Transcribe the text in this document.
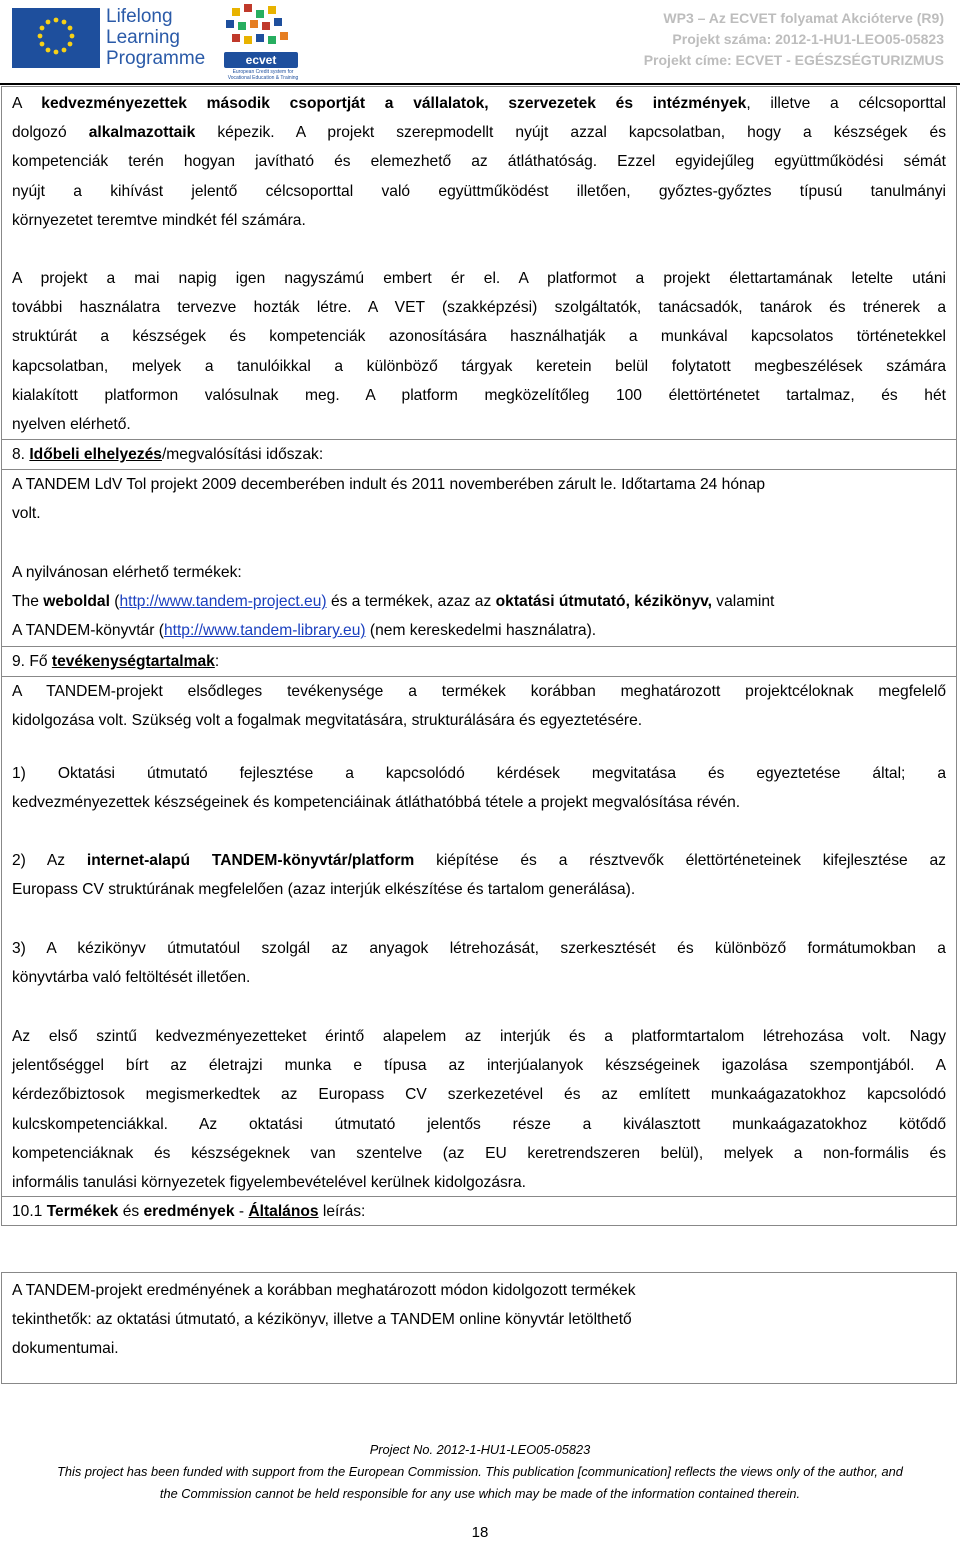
Lifelong
Learning
Programme	ecvet
European Credit system for
Vocational Education & Training
WP3 – Az ECVET folyamat Akcióterve (R9)
Projekt száma: 2012-1-HU1-LEO05-05823
Projekt címe: ECVET - EGÉSZSÉGTURIZMUS
A kedvezményezettek második csoportját a vállalatok, szervezetek és intézmények, illetve a célcsoporttal
dolgozó alkalmazottaik képezik. A projekt szerepmodellt nyújt azzal kapcsolatban, hogy a készségek és
kompetenciák terén hogyan javítható és elemezhető az átláthatóság. Ezzel egyidejűleg együttműködési sémát
nyújt a kihívást jelentő célcsoporttal való együttműködést illetően, győztes-győztes típusú tanulmányi
környezetet teremtve mindkét fél számára.
A projekt a mai napig igen nagyszámú embert ér el. A platformot a projekt élettartamának letelte utáni
további használatra tervezve hozták létre. A VET (szakképzési) szolgáltatók, tanácsadók, tanárok és trénerek a
struktúrát a készségek és kompetenciák azonosítására használhatják a munkával kapcsolatos történetekkel
kapcsolatban, melyek a tanulóikkal a különböző tárgyak keretein belül folytatott megbeszélések számára
kialakított platformon valósulnak meg. A platform megközelítőleg 100 élettörténetet tartalmaz, és hét
nyelven elérhető.
8. Időbeli elhelyezés/megvalósítási időszak:
A TANDEM LdV Tol projekt 2009 decemberében indult és 2011 novemberében zárult le. Időtartama 24 hónap
volt.
A nyilvánosan elérhető termékek:
The weboldal (http://www.tandem-project.eu) és a termékek, azaz az oktatási útmutató, kézikönyv, valamint
A TANDEM-könyvtár (http://www.tandem-library.eu) (nem kereskedelmi használatra).
9. Fő tevékenységtartalmak:
A TANDEM-projekt elsődleges tevékenysége a termékek korábban meghatározott projektcéloknak megfelelő
kidolgozása volt. Szükség volt a fogalmak megvitatására, strukturálására és egyeztetésére.
1) Oktatási útmutató fejlesztése a kapcsolódó kérdések megvitatása és egyeztetése által; a
kedvezményezettek készségeinek és kompetenciáinak átláthatóbbá tétele a projekt megvalósítása révén.
2) Az internet-alapú TANDEM-könyvtár/platform kiépítése és a résztvevők élettörténeteinek kifejlesztése az
Europass CV struktúrának megfelelően (azaz interjúk elkészítése és tartalom generálása).
3) A kézikönyv útmutatóul szolgál az anyagok létrehozását, szerkesztését és különböző formátumokban a
könyvtárba való feltöltését illetően.
Az első szintű kedvezményezetteket érintő alapelem az interjúk és a platformtartalom létrehozása volt. Nagy
jelentőséggel bírt az életrajzi munka e típusa az interjúalanyok készségeinek igazolása szempontjából. A
kérdezőbiztosok megismerkedtek az Europass CV szerkezetével és az említett munkaágazatokhoz kapcsolódó
kulcskompetenciákkal. Az oktatási útmutató jelentős része a kiválasztott munkaágazatokhoz kötődő
kompetenciáknak és készségeknek van szentelve (az EU keretrendszeren belül), melyek a non-formális és
informális tanulási környezetek figyelembevételével kerülnek kidolgozásra.
10.1 Termékek és eredmények - Általános leírás:
A TANDEM-projekt eredményének a korábban meghatározott módon kidolgozott termékek
tekinthetők: az oktatási útmutató, a kézikönyv, illetve a TANDEM online könyvtár letölthető
dokumentumai.
Project No. 2012-1-HU1-LEO05-05823
This project has been funded with support from the European Commission. This publication [communication] reflects the views only of the author, and
the Commission cannot be held responsible for any use which may be made of the information contained therein.
18
